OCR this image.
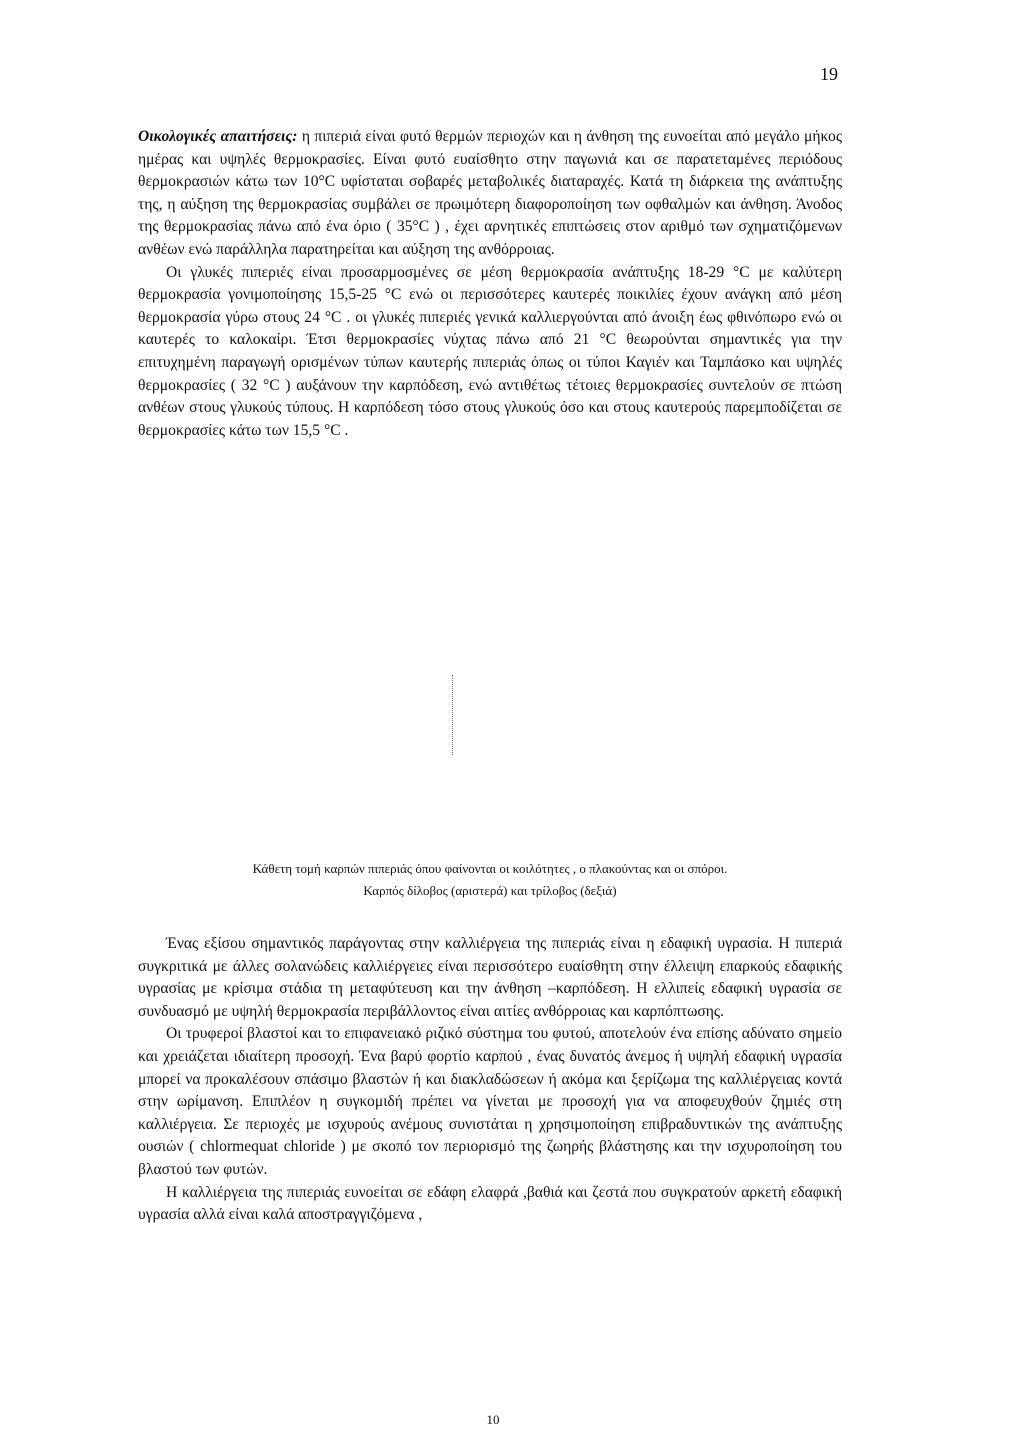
19

Οικολογικές απαιτήσεις: η πιπεριά είναι φυτό θερμών περιοχών και η άνθηση της ευνοείται από μεγάλο μήκος ημέρας και υψηλές θερμοκρασίες. Είναι φυτό ευαίσθητο στην παγωνιά και σε παρατεταμένες περιόδους θερμοκρασιών κάτω των 10°C υφίσταται σοβαρές μεταβολικές διαταραχές. Κατά τη διάρκεια της ανάπτυξης της, η αύξηση της θερμοκρασίας συμβάλει σε πρωιμότερη διαφοροποίηση των οφθαλμών και άνθηση. Άνοδος της θερμοκρασίας πάνω από ένα όριο ( 35°C ) , έχει αρνητικές επιπτώσεις στον αριθμό των σχηματιζόμενων ανθέων ενώ παράλληλα παρατηρείται και αύξηση της ανθόρροιας.

Οι γλυκές πιπεριές είναι προσαρμοσμένες σε μέση θερμοκρασία ανάπτυξης 18-29 °C με καλύτερη θερμοκρασία γονιμοποίησης 15,5-25 °C ενώ οι περισσότερες καυτερές ποικιλίες έχουν ανάγκη από μέση θερμοκρασία γύρω στους 24 °C . οι γλυκές πιπεριές γενικά καλλιεργούνται από άνοιξη έως φθινόπωρο ενώ οι καυτερές το καλοκαίρι. Έτσι θερμοκρασίες νύχτας πάνω από 21 °C θεωρούνται σημαντικές για την επιτυχημένη παραγωγή ορισμένων τύπων καυτερής πιπεριάς όπως οι τύποι Καγιέν και Ταμπάσκο και υψηλές θερμοκρασίες ( 32 °C ) αυξάνουν την καρπόδεση, ενώ αντιθέτως τέτοιες θερμοκρασίες συντελούν σε πτώση ανθέων στους γλυκούς τύπους. Η καρπόδεση τόσο στους γλυκούς όσο και στους καυτερούς παρεμποδίζεται σε θερμοκρασίες κάτω των 15,5 °C .

Κάθετη τομή καρπών πιπεριάς όπου φαίνονται οι κοιλότητες , ο πλακούντας και οι σπόροι.
Καρπός δίλοβος (αριστερά) και τρίλοβος (δεξιά)

Ένας εξίσου σημαντικός παράγοντας στην καλλιέργεια της πιπεριάς είναι η εδαφική υγρασία. Η πιπεριά συγκριτικά με άλλες σολανώδεις καλλιέργειες είναι περισσότερο ευαίσθητη στην έλλειψη επαρκούς εδαφικής υγρασίας με κρίσιμα στάδια τη μεταφύτευση και την άνθηση –καρπόδεση. Η ελλιπείς εδαφική υγρασία σε συνδυασμό με υψηλή θερμοκρασία περιβάλλοντος είναι αιτίες ανθόρροιας και καρπόπτωσης.

Οι τρυφεροί βλαστοί και το επιφανειακό ριζικό σύστημα του φυτού, αποτελούν ένα επίσης αδύνατο σημείο και χρειάζεται ιδιαίτερη προσοχή. Ένα βαρύ φορτίο καρπού , ένας δυνατός άνεμος ή υψηλή εδαφική υγρασία μπορεί να προκαλέσουν σπάσιμο βλαστών ή και διακλαδώσεων ή ακόμα και ξερίζωμα της καλλιέργειας κοντά στην ωρίμανση. Επιπλέον η συγκομιδή πρέπει να γίνεται με προσοχή για να αποφευχθούν ζημιές στη καλλιέργεια. Σε περιοχές με ισχυρούς ανέμους συνιστάται η χρησιμοποίηση επιβραδυντικών της ανάπτυξης ουσιών ( chlormequat chloride ) με σκοπό τον περιορισμό της ζωηρής βλάστησης και την ισχυροποίηση του βλαστού των φυτών.

Η καλλιέργεια της πιπεριάς ευνοείται σε εδάφη ελαφρά ,βαθιά και ζεστά που συγκρατούν αρκετή εδαφική υγρασία αλλά είναι καλά αποστραγγιζόμενα ,

10
